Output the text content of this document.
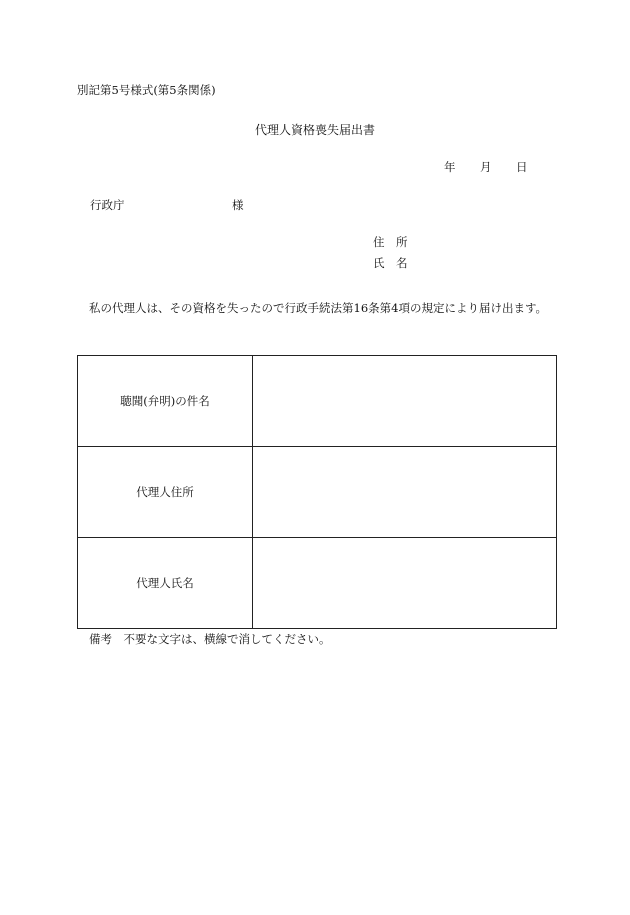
別記第5号様式(第5条関係)
代理人資格喪失届出書
年 月 日
行政庁	様
住　所
氏　名
私の代理人は、その資格を失ったので行政手続法第16条第4項の規定により届け出ます。
聴聞(弁明)の件名	
代理人住所	
代理人氏名	
備考　不要な文字は、横線で消してください。
